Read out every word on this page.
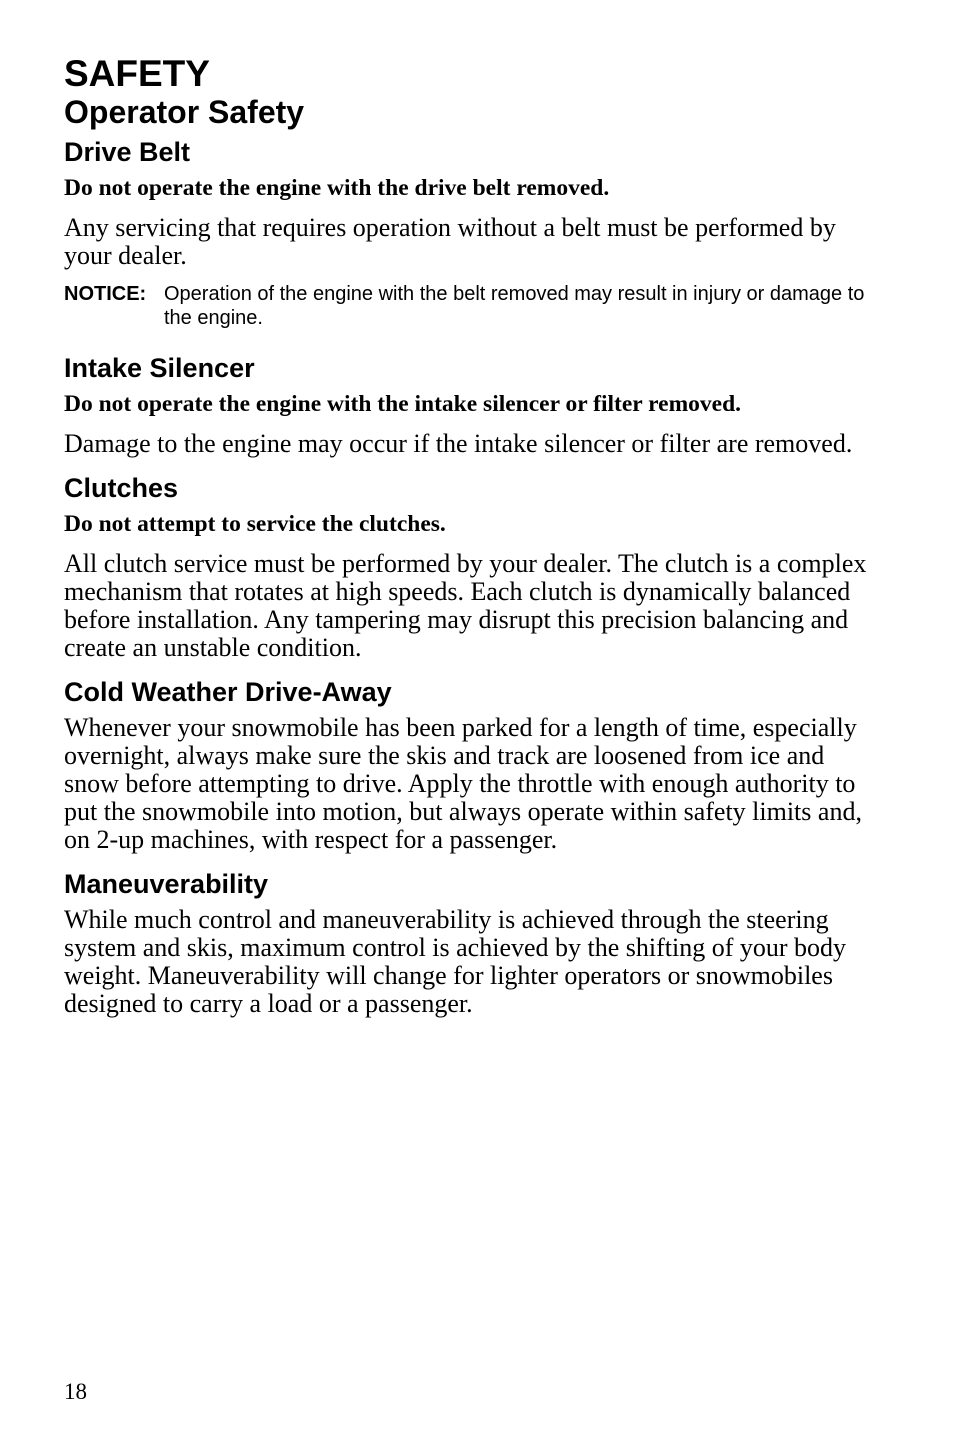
SAFETY
Operator Safety
Drive Belt

Do not operate the engine with the drive belt removed.

Any servicing that requires operation without a belt must be performed by your dealer.

NOTICE: Operation of the engine with the belt removed may result in injury or damage to the engine.
Intake Silencer

Do not operate the engine with the intake silencer or filter removed.

Damage to the engine may occur if the intake silencer or filter are removed.

Clutches

Do not attempt to service the clutches.

All clutch service must be performed by your dealer. The clutch is a complex mechanism that rotates at high speeds. Each clutch is dynamically balanced before installation. Any tampering may disrupt this precision balancing and create an unstable condition.

Cold Weather Drive-Away

Whenever your snowmobile has been parked for a length of time, especially overnight, always make sure the skis and track are loosened from ice and snow before attempting to drive. Apply the throttle with enough authority to put the snowmobile into motion, but always operate within safety limits and, on 2-up machines, with respect for a passenger.

Maneuverability

While much control and maneuverability is achieved through the steering system and skis, maximum control is achieved by the shifting of your body weight. Maneuverability will change for lighter operators or snowmobiles designed to carry a load or a passenger.

18
